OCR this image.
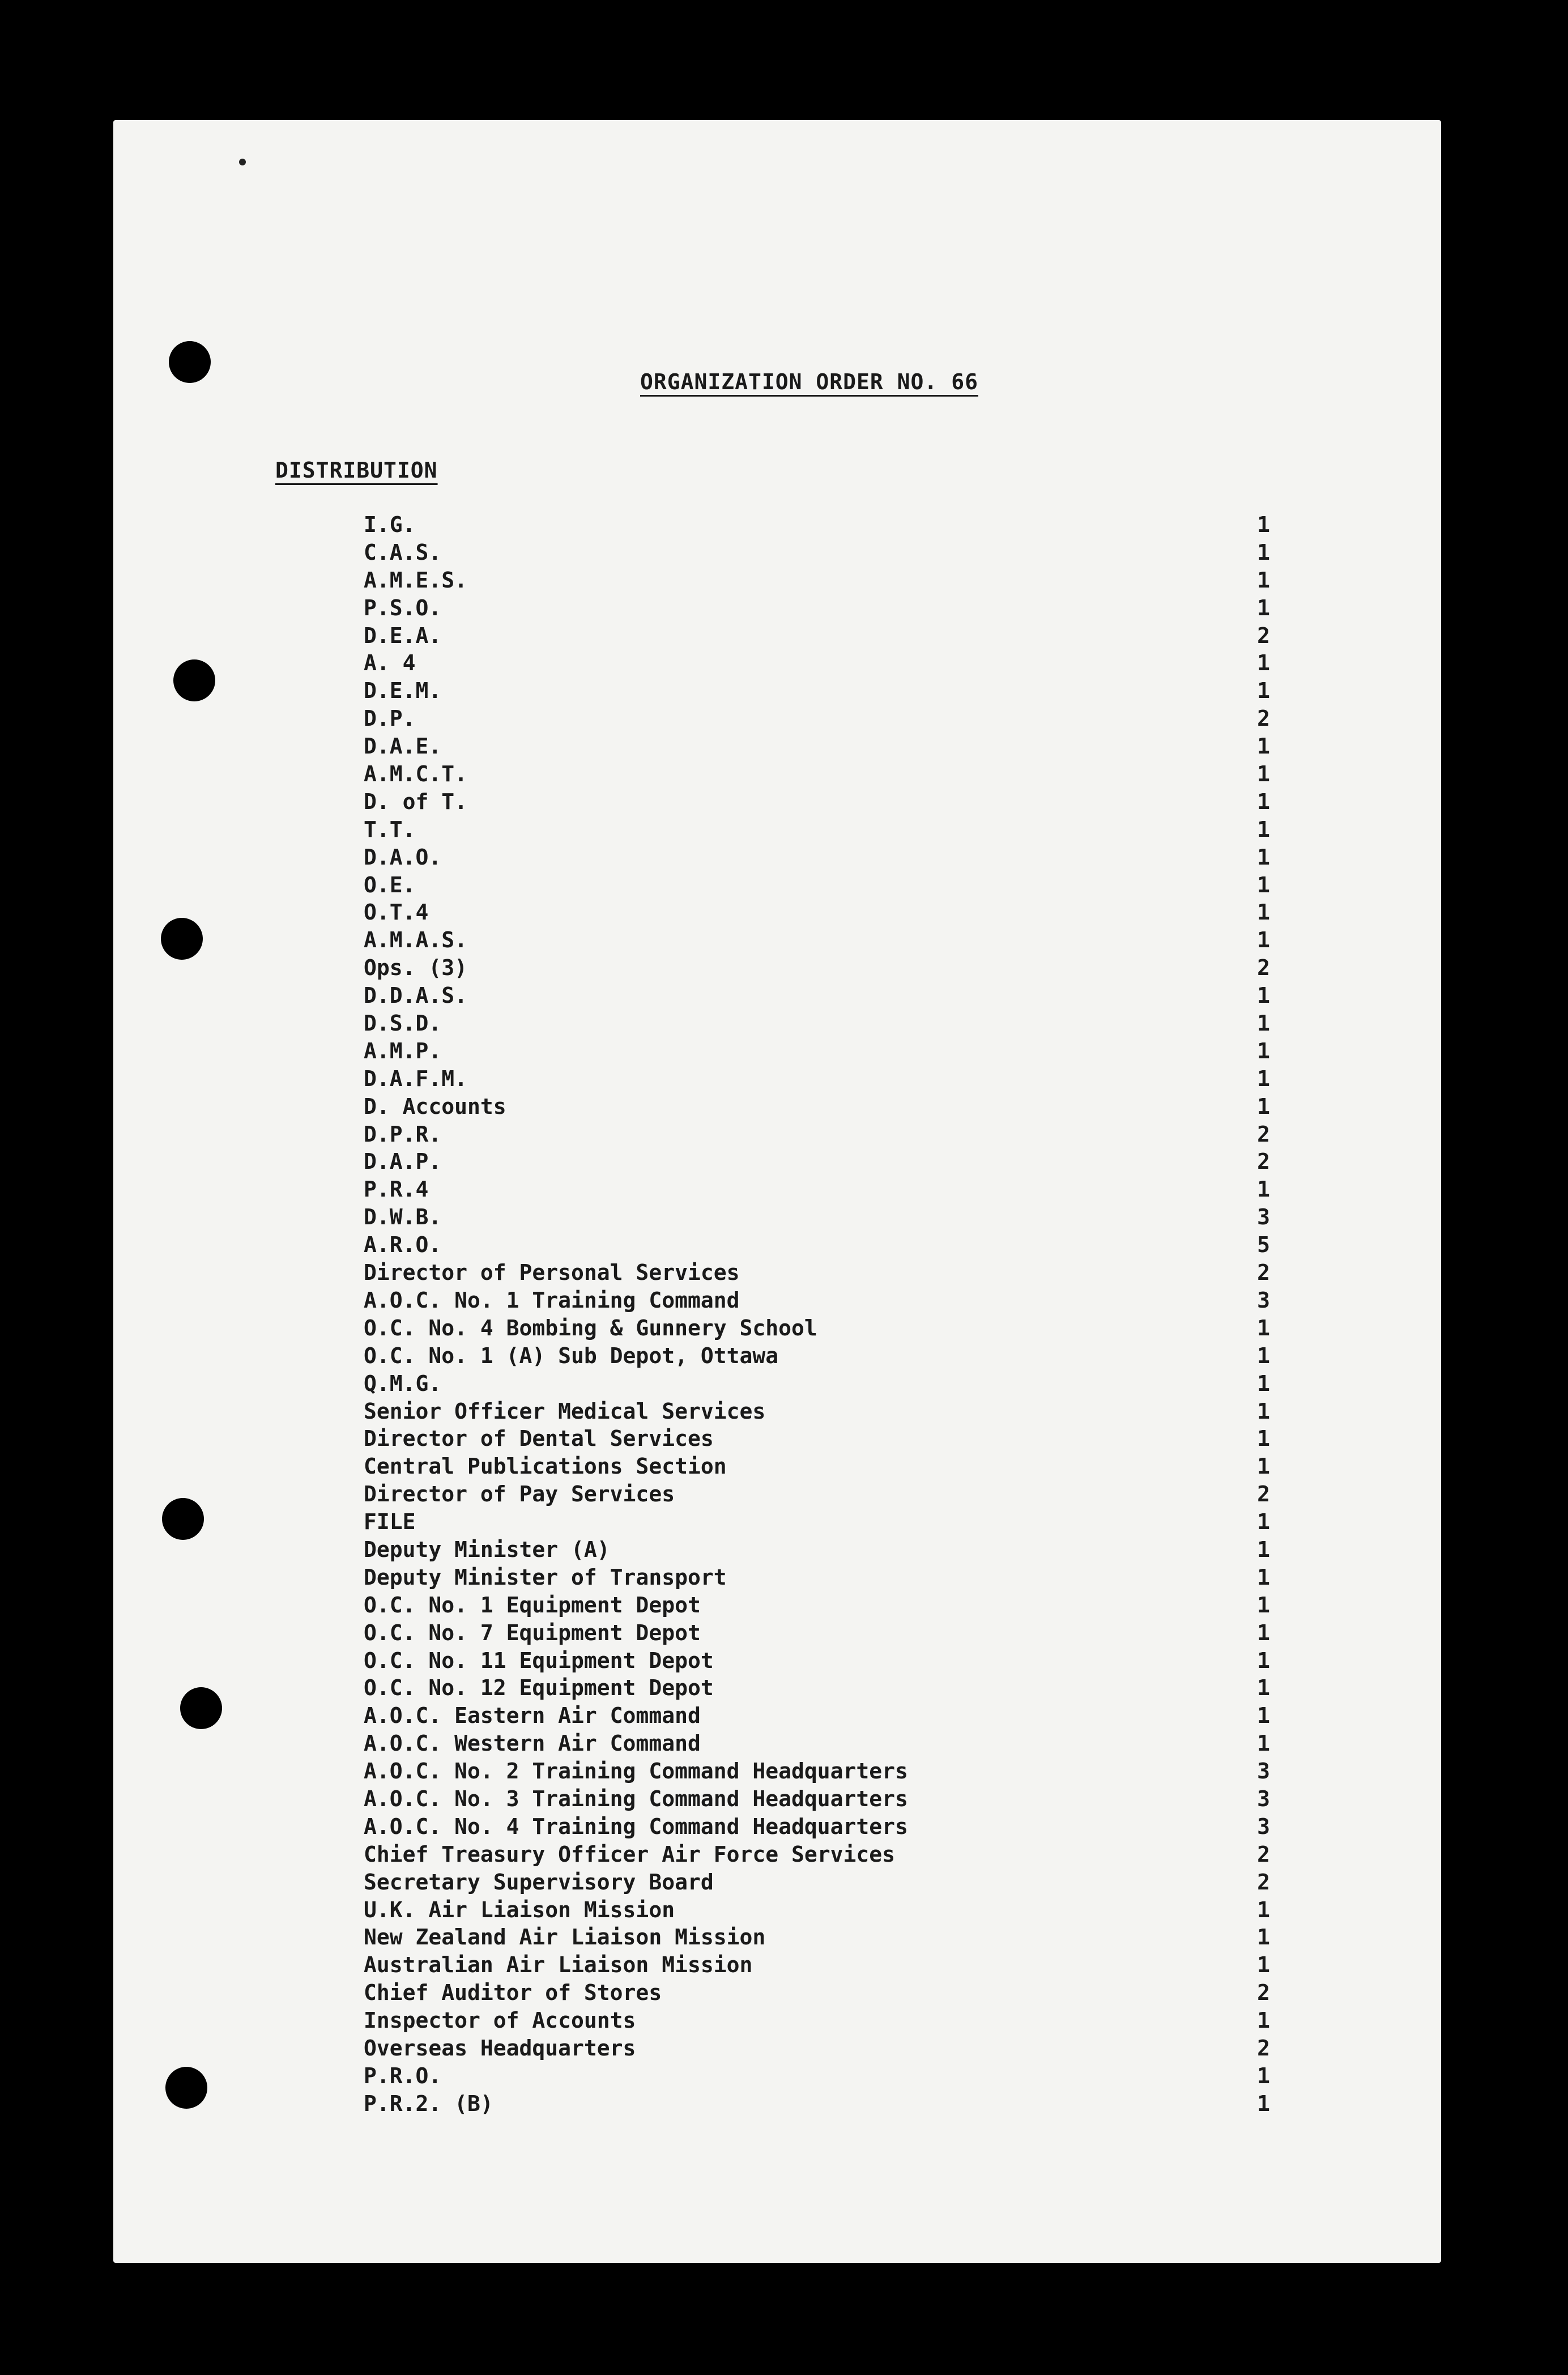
ORGANIZATION ORDER NO. 66
DISTRIBUTION
I.G.	1
C.A.S.	1
A.M.E.S.	1
P.S.O.	1
D.E.A.	2
A. 4	1
D.E.M.	1
D.P.	2
D.A.E.	1
A.M.C.T.	1
D. of T.	1
T.T.	1
D.A.O.	1
O.E.	1
O.T.4	1
A.M.A.S.	1
Ops. (3)	2
D.D.A.S.	1
D.S.D.	1
A.M.P.	1
D.A.F.M.	1
D. Accounts	1
D.P.R.	2
D.A.P.	2
P.R.4	1
D.W.B.	3
A.R.O.	5
Director of Personal Services	2
A.O.C. No. 1 Training Command	3
O.C. No. 4 Bombing & Gunnery School	1
O.C. No. 1 (A) Sub Depot, Ottawa	1
Q.M.G.	1
Senior Officer Medical Services	1
Director of Dental Services	1
Central Publications Section	1
Director of Pay Services	2
FILE	1
Deputy Minister (A)	1
Deputy Minister of Transport	1
O.C. No. 1 Equipment Depot	1
O.C. No. 7 Equipment Depot	1
O.C. No. 11 Equipment Depot	1
O.C. No. 12 Equipment Depot	1
A.O.C. Eastern Air Command	1
A.O.C. Western Air Command	1
A.O.C. No. 2 Training Command Headquarters	3
A.O.C. No. 3 Training Command Headquarters	3
A.O.C. No. 4 Training Command Headquarters	3
Chief Treasury Officer Air Force Services	2
Secretary Supervisory Board	2
U.K. Air Liaison Mission	1
New Zealand Air Liaison Mission	1
Australian Air Liaison Mission	1
Chief Auditor of Stores	2
Inspector of Accounts	1
Overseas Headquarters	2
P.R.O.	1
P.R.2. (B)	1
